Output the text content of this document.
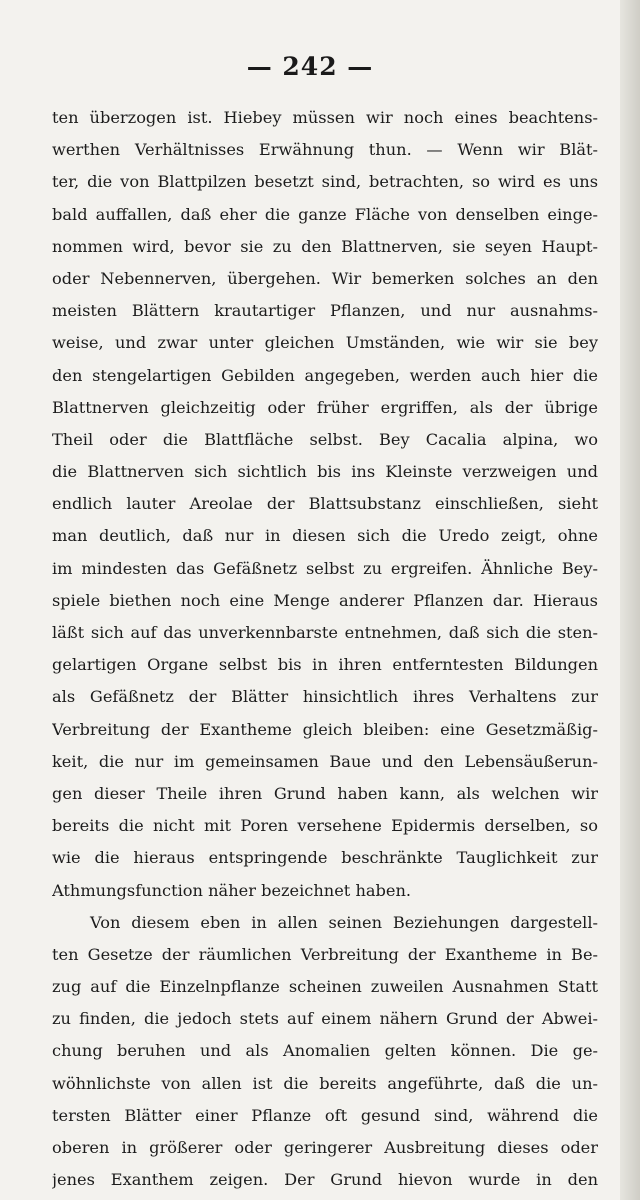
— 242 —
ten überzogen ist. Hiebey müssen wir noch eines beachtens-
werthen Verhältnisses Erwähnung thun. — Wenn wir Blät-
ter, die von Blattpilzen besetzt sind, betrachten, so wird es uns
bald auffallen, daß eher die ganze Fläche von denselben einge-
nommen wird, bevor sie zu den Blattnerven, sie seyen Haupt-
oder Nebennerven, übergehen. Wir bemerken solches an den
meisten Blättern krautartiger Pflanzen, und nur ausnahms-
weise, und zwar unter gleichen Umständen, wie wir sie bey
den stengelartigen Gebilden angegeben, werden auch hier die
Blattnerven gleichzeitig oder früher ergriffen, als der übrige
Theil oder die Blattfläche selbst. Bey Cacalia alpina, wo
die Blattnerven sich sichtlich bis ins Kleinste verzweigen und
endlich lauter Areolae der Blattsubstanz einschließen, sieht
man deutlich, daß nur in diesen sich die Uredo zeigt, ohne
im mindesten das Gefäßnetz selbst zu ergreifen. Ähnliche Bey-
spiele biethen noch eine Menge anderer Pflanzen dar. Hieraus
läßt sich auf das unverkennbarste entnehmen, daß sich die sten-
gelartigen Organe selbst bis in ihren entferntesten Bildungen
als Gefäßnetz der Blätter hinsichtlich ihres Verhaltens zur
Verbreitung der Exantheme gleich bleiben: eine Gesetzmäßig-
keit, die nur im gemeinsamen Baue und den Lebensäußerun-
gen dieser Theile ihren Grund haben kann, als welchen wir
bereits die nicht mit Poren versehene Epidermis derselben, so
wie die hieraus entspringende beschränkte Tauglichkeit zur
Athmungsfunction näher bezeichnet haben.
Von diesem eben in allen seinen Beziehungen dargestell-
ten Gesetze der räumlichen Verbreitung der Exantheme in Be-
zug auf die Einzelnpflanze scheinen zuweilen Ausnahmen Statt
zu finden, die jedoch stets auf einem nähern Grund der Abwei-
chung beruhen und als Anomalien gelten können. Die ge-
wöhnlichste von allen ist die bereits angeführte, daß die un-
tersten Blätter einer Pflanze oft gesund sind, während die
oberen in größerer oder geringerer Ausbreitung dieses oder
jenes Exanthem zeigen. Der Grund hievon wurde in den
